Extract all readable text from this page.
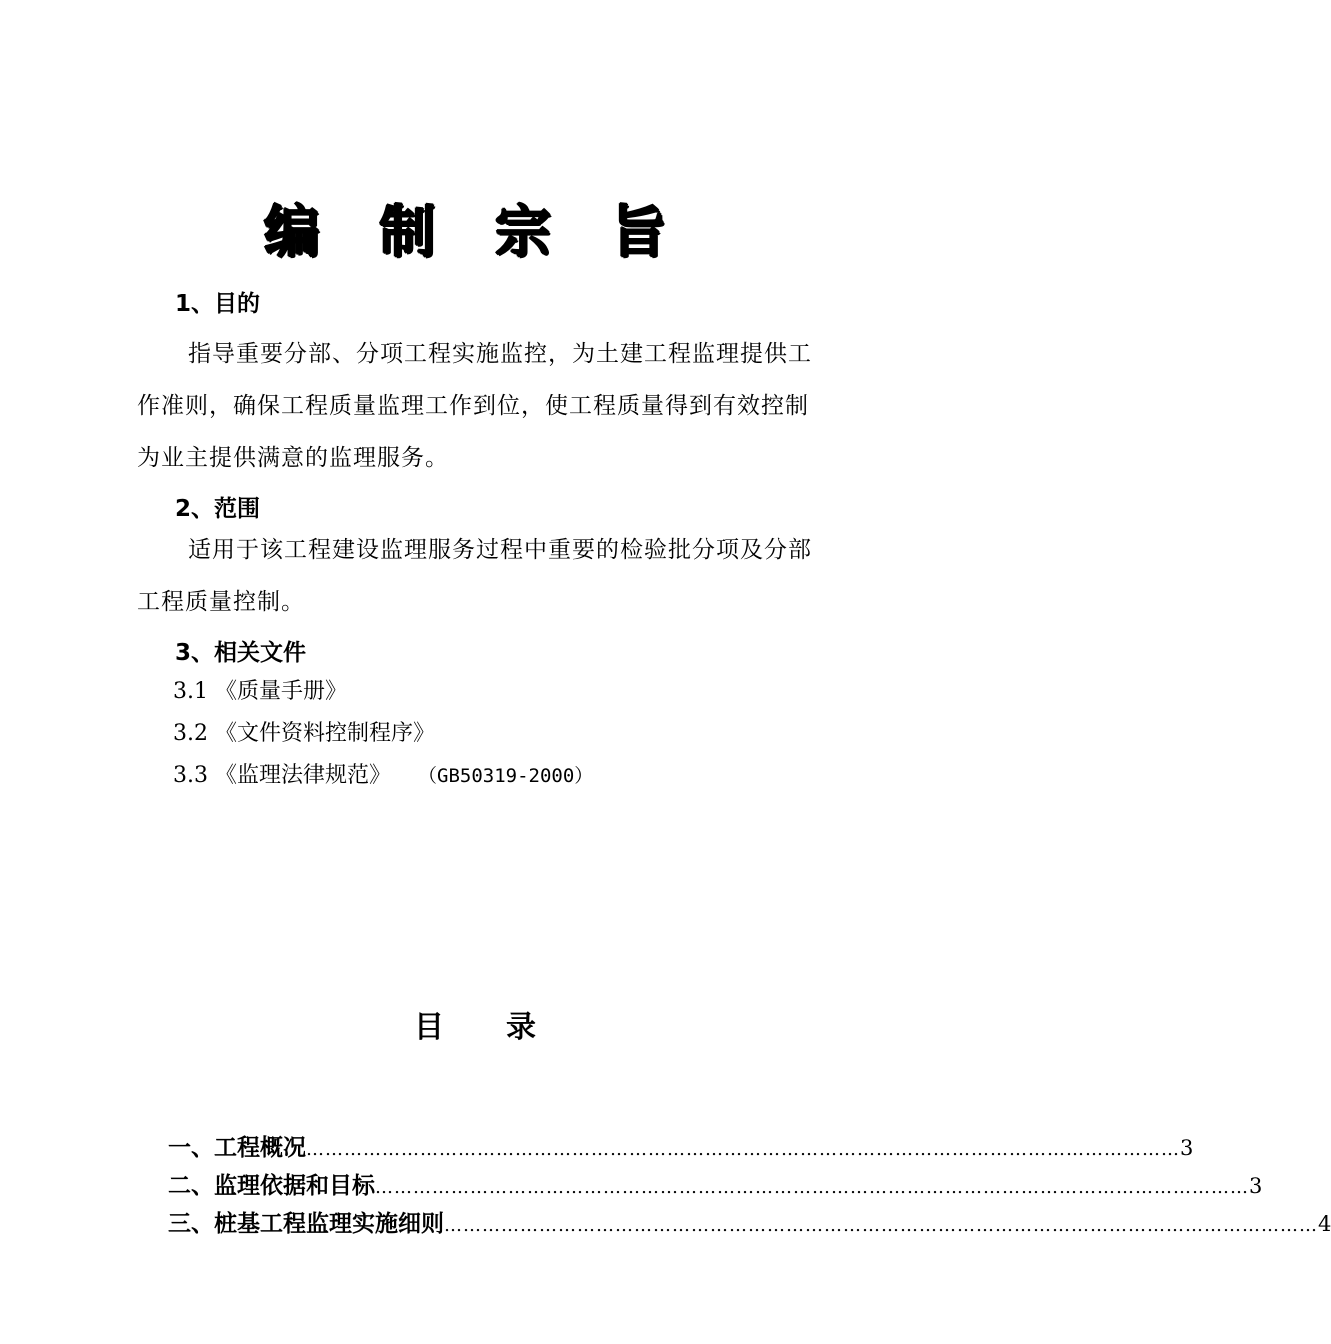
编 制 宗 旨
1、目的
指导重要分部、分项工程实施监控，为土建工程监理提供工
作准则，确保工程质量监理工作到位，使工程质量得到有效控制
为业主提供满意的监理服务。
2、范围
适用于该工程建设监理服务过程中重要的检验批分项及分部
工程质量控制。
3、相关文件
3.1 《质量手册》
3.2 《文件资料控制程序》
3.3 《监理法律规范》 （GB50319-2000）
目 录
一、工程概况 ………………………………………………………………………………………………………………………… 3
二、监理依据和目标 ………………………………………………………………………………………………………………………… 3
三、桩基工程监理实施细则 ………………………………………………………………………………………………………………………… 4
